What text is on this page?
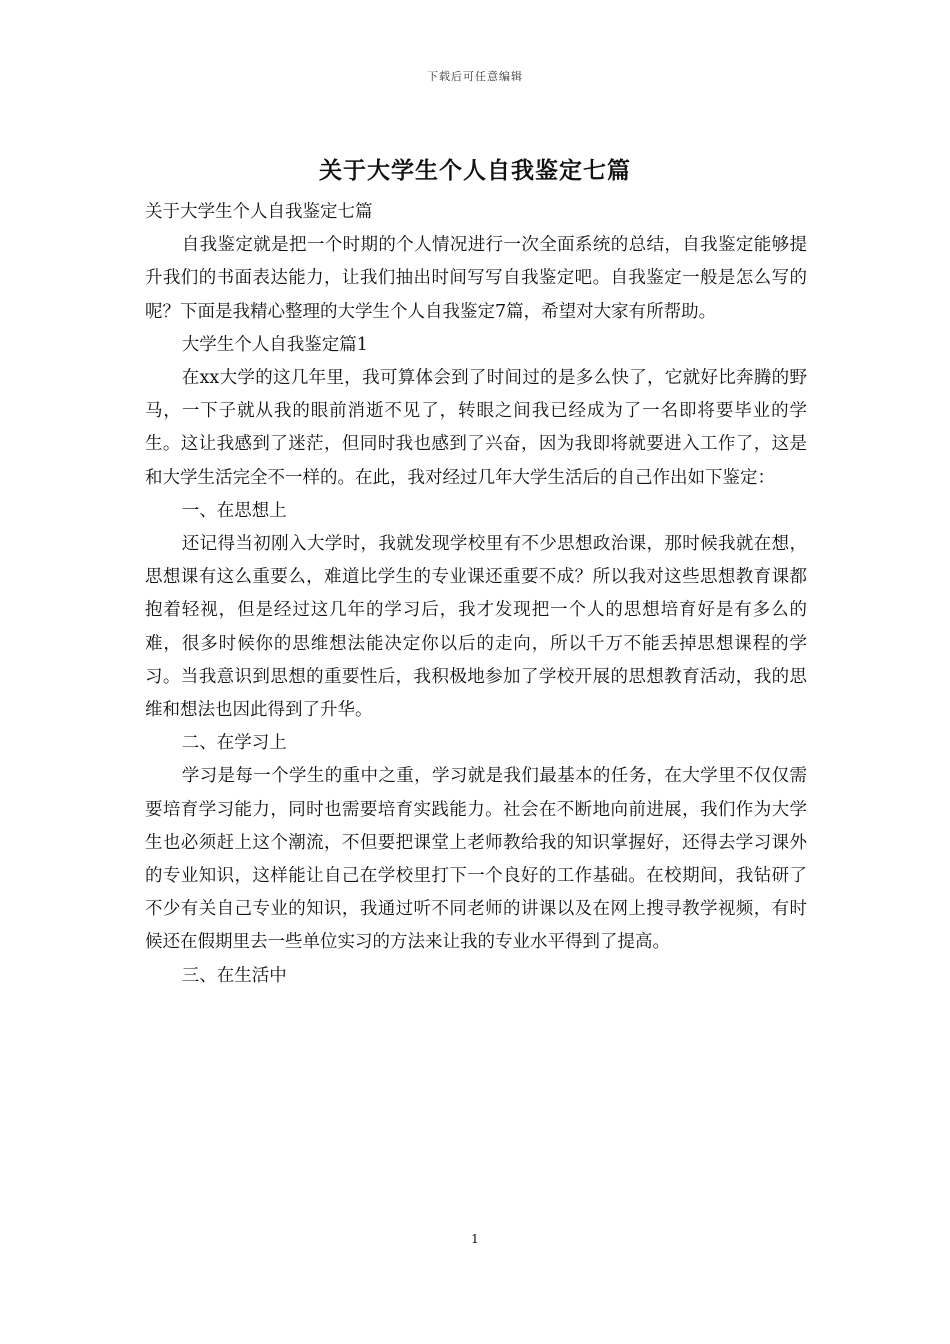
下载后可任意编辑
关于大学生个人自我鉴定七篇

关于大学生个人自我鉴定七篇

自我鉴定就是把一个时期的个人情况进行一次全面系统的总结，自我鉴定能够提升我们的书面表达能力，让我们抽出时间写写自我鉴定吧。自我鉴定一般是怎么写的呢？下面是我精心整理的大学生个人自我鉴定7篇，希望对大家有所帮助。

大学生个人自我鉴定篇1

在xx大学的这几年里，我可算体会到了时间过的是多么快了，它就好比奔腾的野马，一下子就从我的眼前消逝不见了，转眼之间我已经成为了一名即将要毕业的学生。这让我感到了迷茫，但同时我也感到了兴奋，因为我即将就要进入工作了，这是和大学生活完全不一样的。在此，我对经过几年大学生活后的自己作出如下鉴定：

一、在思想上

还记得当初刚入大学时，我就发现学校里有不少思想政治课，那时候我就在想，思想课有这么重要么，难道比学生的专业课还重要不成？所以我对这些思想教育课都抱着轻视，但是经过这几年的学习后，我才发现把一个人的思想培育好是有多么的难，很多时候你的思维想法能决定你以后的走向，所以千万不能丢掉思想课程的学习。当我意识到思想的重要性后，我积极地参加了学校开展的思想教育活动，我的思维和想法也因此得到了升华。

二、在学习上

学习是每一个学生的重中之重，学习就是我们最基本的任务，在大学里不仅仅需要培育学习能力，同时也需要培育实践能力。社会在不断地向前进展，我们作为大学生也必须赶上这个潮流，不但要把课堂上老师教给我的知识掌握好，还得去学习课外的专业知识，这样能让自己在学校里打下一个良好的工作基础。在校期间，我钻研了不少有关自己专业的知识，我通过听不同老师的讲课以及在网上搜寻教学视频，有时候还在假期里去一些单位实习的方法来让我的专业水平得到了提高。

三、在生活中

1
